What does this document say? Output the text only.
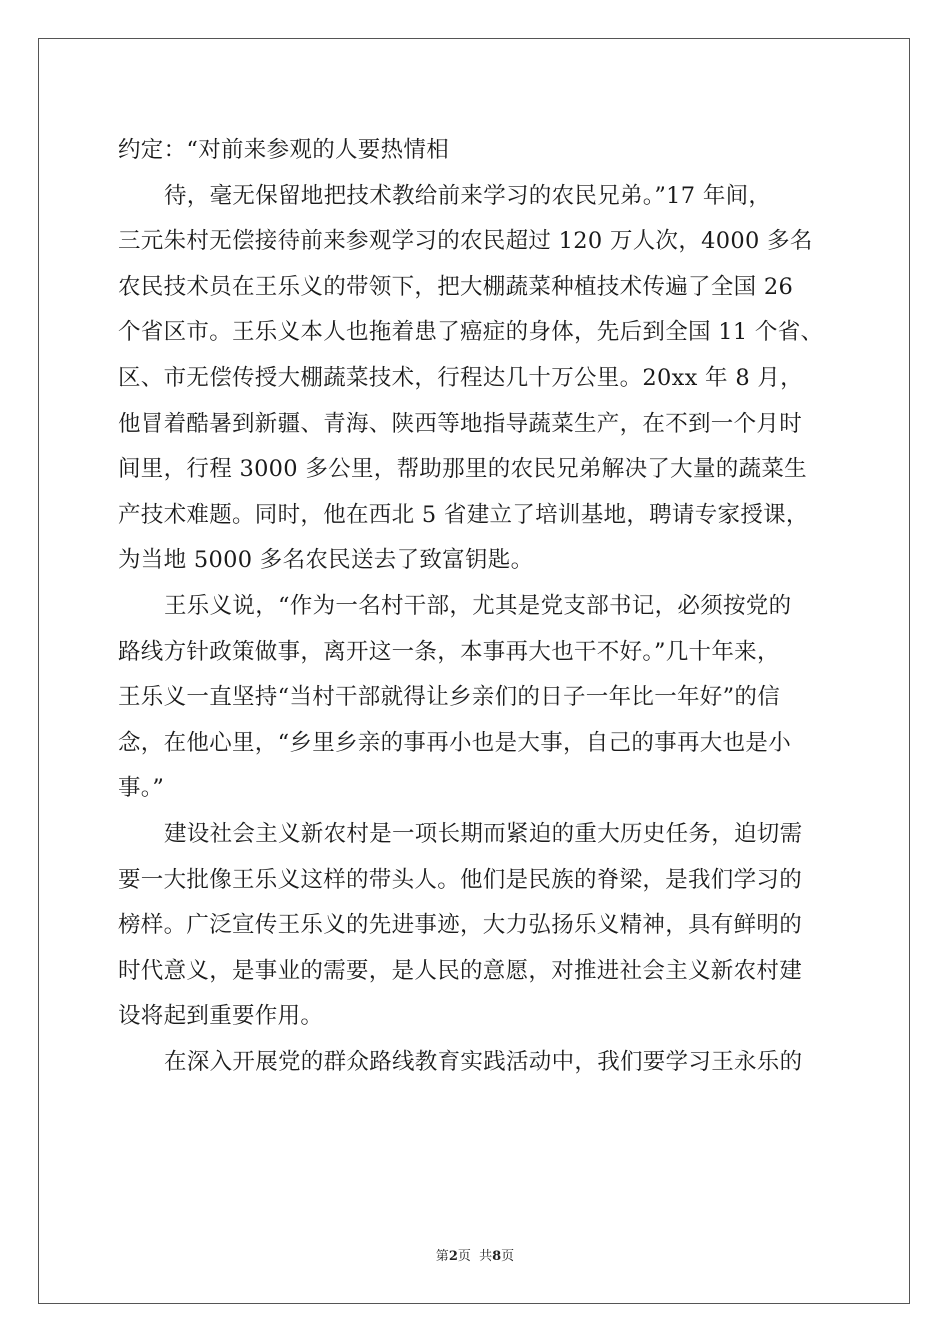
约定：“对前来参观的人要热情相
待，毫无保留地把技术教给前来学习的农民兄弟。”17 年间，
三元朱村无偿接待前来参观学习的农民超过 120 万人次，4000 多名
农民技术员在王乐义的带领下，把大棚蔬菜种植技术传遍了全国 26
个省区市。王乐义本人也拖着患了癌症的身体，先后到全国 11 个省、
区、市无偿传授大棚蔬菜技术，行程达几十万公里。20xx 年 8 月，
他冒着酷暑到新疆、青海、陕西等地指导蔬菜生产，在不到一个月时
间里，行程 3000 多公里，帮助那里的农民兄弟解决了大量的蔬菜生
产技术难题。同时，他在西北 5 省建立了培训基地，聘请专家授课，
为当地 5000 多名农民送去了致富钥匙。
王乐义说，“作为一名村干部，尤其是党支部书记，必须按党的
路线方针政策做事，离开这一条，本事再大也干不好。”几十年来，
王乐义一直坚持“当村干部就得让乡亲们的日子一年比一年好”的信
念，在他心里，“乡里乡亲的事再小也是大事，自己的事再大也是小
事。”
建设社会主义新农村是一项长期而紧迫的重大历史任务，迫切需
要一大批像王乐义这样的带头人。他们是民族的脊梁，是我们学习的
榜样。广泛宣传王乐义的先进事迹，大力弘扬乐义精神，具有鲜明的
时代意义，是事业的需要，是人民的意愿，对推进社会主义新农村建
设将起到重要作用。
在深入开展党的群众路线教育实践活动中，我们要学习王永乐的
第2页  共8页
